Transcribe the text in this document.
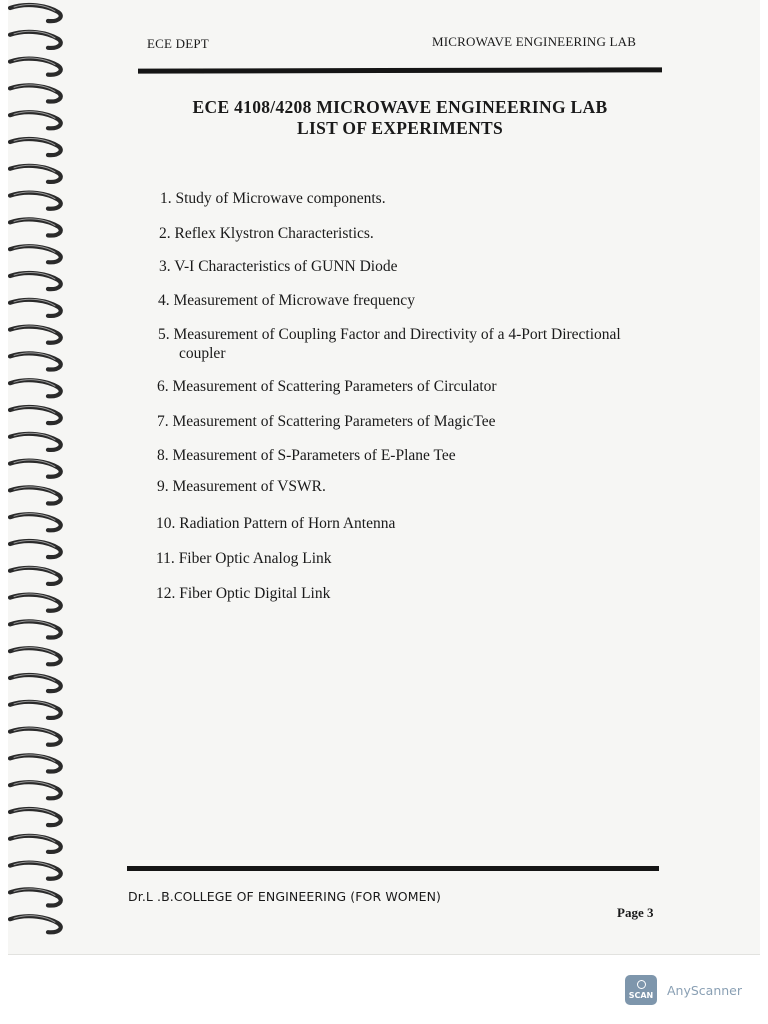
ECE DEPT	MICROWAVE ENGINEERING LAB
ECE 4108/4208 MICROWAVE ENGINEERING LAB
LIST OF EXPERIMENTS
1. Study of Microwave components.
2. Reflex Klystron Characteristics.
3. V-I Characteristics of GUNN Diode
4. Measurement of Microwave frequency
5. Measurement of Coupling Factor and Directivity of a 4-Port Directional
coupler
6. Measurement of Scattering Parameters of Circulator
7. Measurement of Scattering Parameters of MagicTee
8. Measurement of S-Parameters of E-Plane Tee
9. Measurement of VSWR.
10. Radiation Pattern of Horn Antenna
11. Fiber Optic Analog Link
12. Fiber Optic Digital Link
Dr.L .B.COLLEGE OF ENGINEERING (FOR WOMEN)
Page 3
SCAN AnyScanner
